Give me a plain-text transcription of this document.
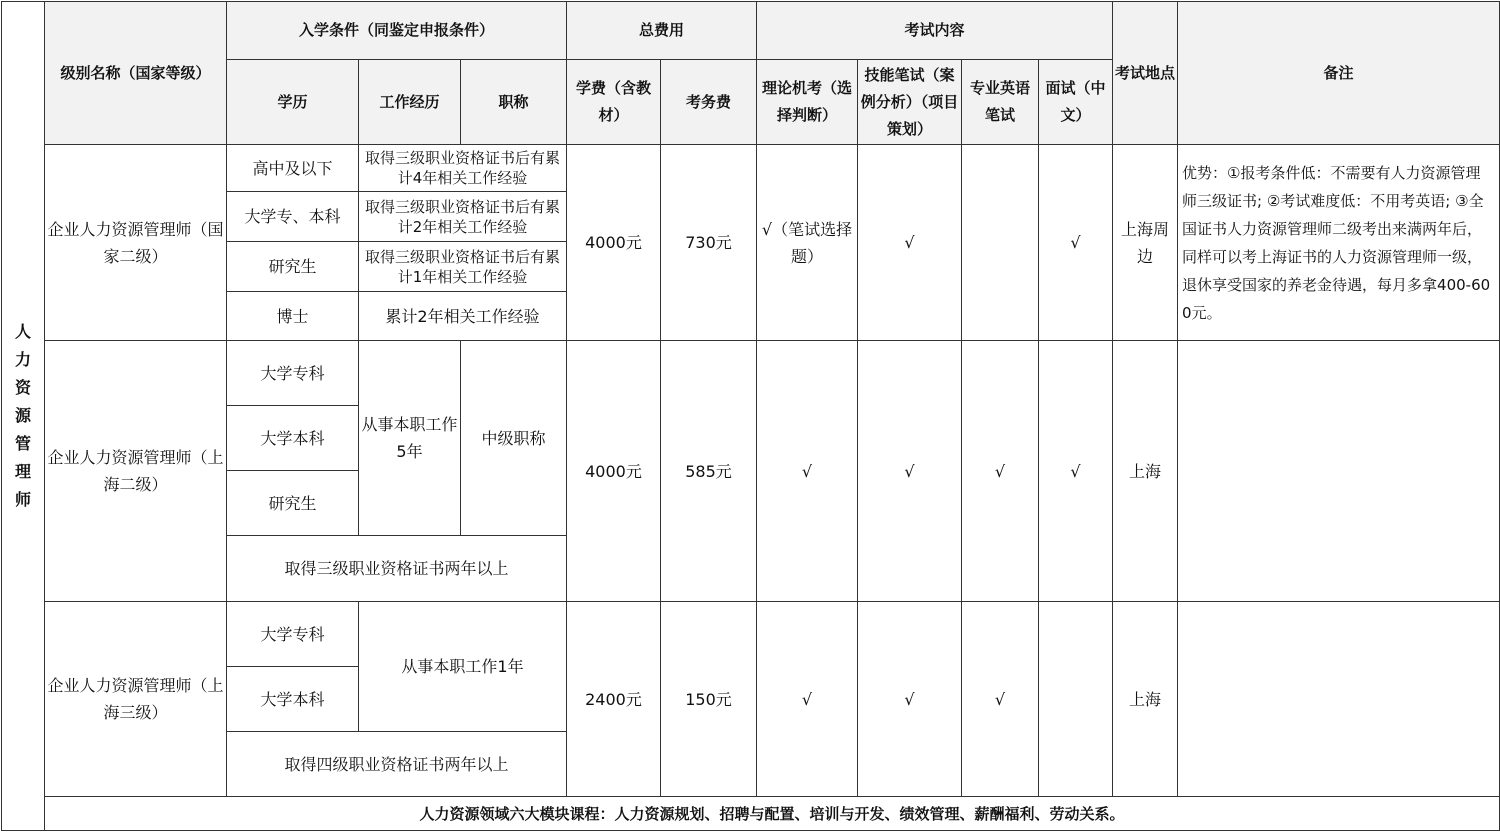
人力资源管理师	级别名称（国家等级）	入学条件（同鉴定申报条件）			总费用		考试内容				考试地点	备注
		学历	工作经历	职称	学费（含教材）	考务费	理论机考（选择判断）	技能笔试（案例分析）（项目策划）	专业英语笔试	面试（中文）		
	企业人力资源管理师（国家二级）	高中及以下	取得三级职业资格证书后有累计4年相关工作经验		4000元	730元	√（笔试选择题）	√		√	上海周边	优势：①报考条件低：不需要有人力资源管理师三级证书; ②考试难度低：不用考英语; ③全国证书人力资源管理师二级考出来满两年后，同样可以考上海证书的人力资源管理师一级，退休享受国家的养老金待遇，每月多拿400-600元。
		大学专、本科	取得三级职业资格证书后有累计2年相关工作经验									
		研究生	取得三级职业资格证书后有累计1年相关工作经验									
		博士	累计2年相关工作经验									
	企业人力资源管理师（上海二级）	大学专科	从事本职工作5年	中级职称	4000元	585元	√	√	√	√	上海	
		大学本科										
		研究生										
		取得三级职业资格证书两年以上										
	企业人力资源管理师（上海三级）	大学专科	从事本职工作1年		2400元	150元	√	√	√		上海	
		大学本科										
		取得四级职业资格证书两年以上										
	人力资源领域六大模块课程：人力资源规划、招聘与配置、培训与开发、绩效管理、薪酬福利、劳动关系。											
